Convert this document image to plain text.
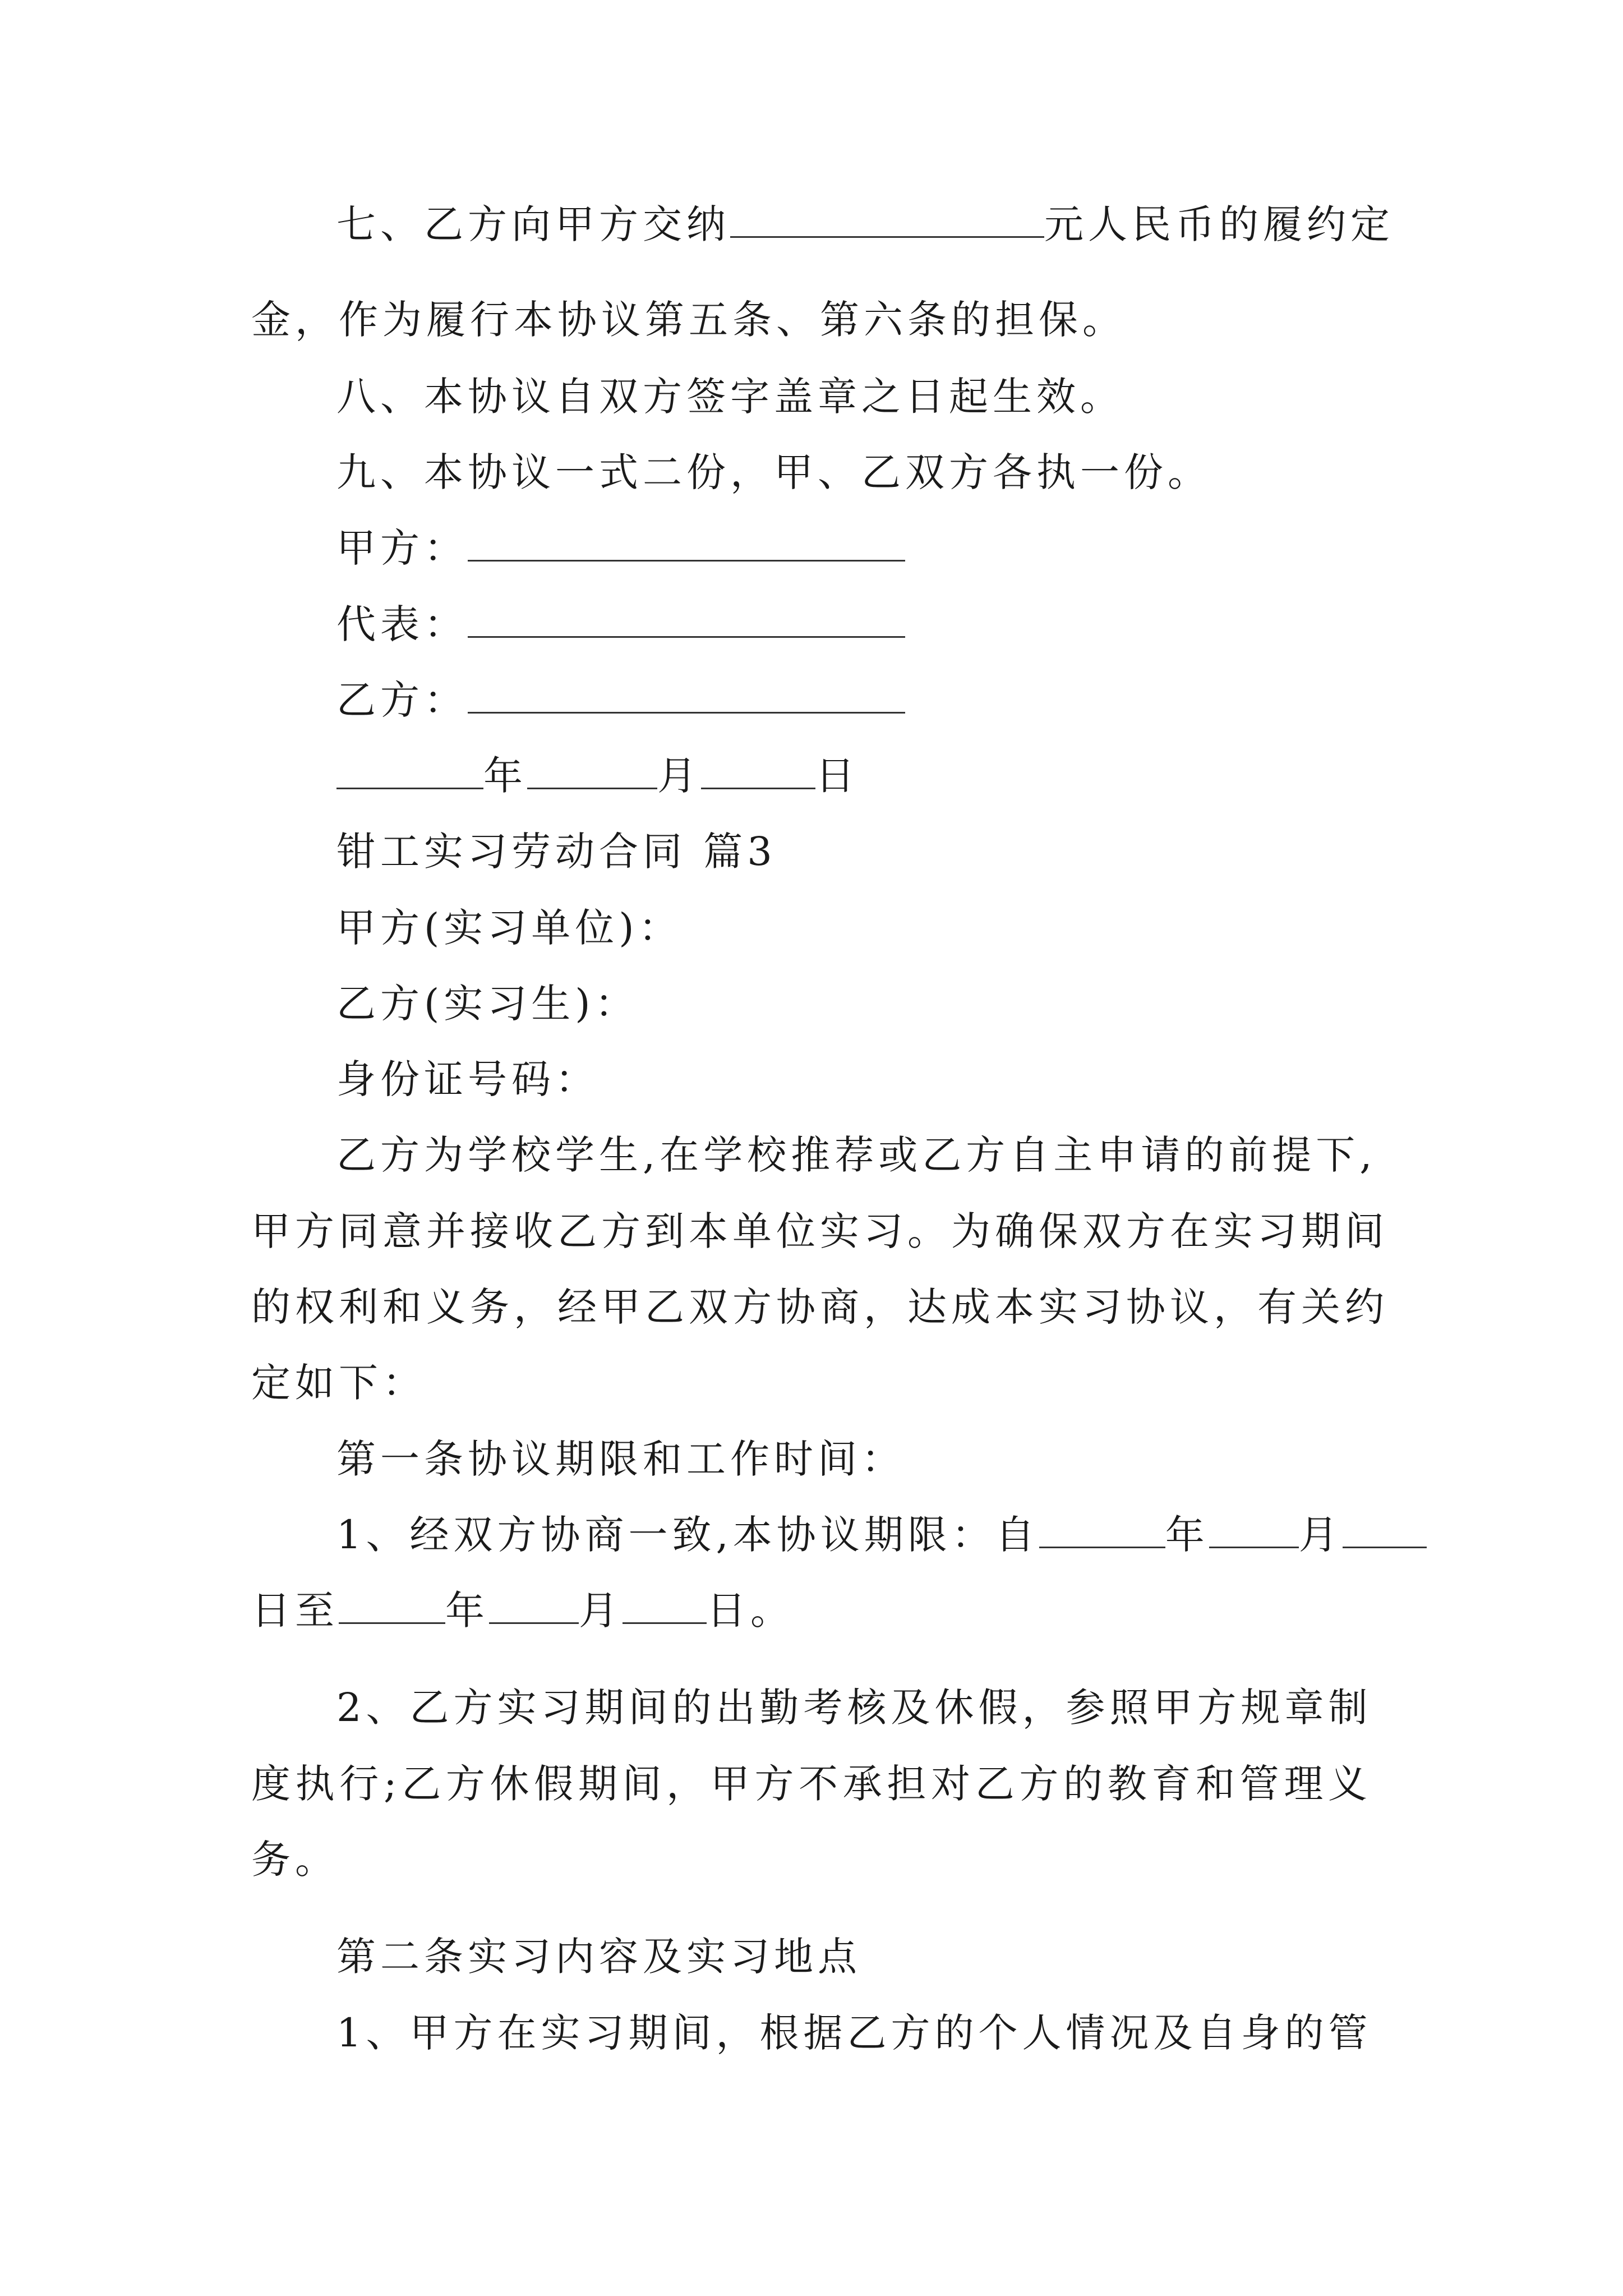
七、乙方向甲方交纳	元人民币的履约定
金，作为履行本协议第五条、第六条的担保。
八、本协议自双方签字盖章之日起生效。
九、本协议一式二份，甲、乙双方各执一份。
甲方：
代表：
乙方：
年	月	日
钳工实习劳动合同 篇3
甲方(实习单位)：
乙方(实习生)：
身份证号码：
乙方为学校学生,在学校推荐或乙方自主申请的前提下,
甲方同意并接收乙方到本单位实习。为确保双方在实习期间
的权利和义务，经甲乙双方协商，达成本实习协议，有关约
定如下：
第一条协议期限和工作时间：
1、经双方协商一致,本协议期限：自	年 月
日至	年 月 日。
2、乙方实习期间的出勤考核及休假，参照甲方规章制
度执行;乙方休假期间，甲方不承担对乙方的教育和管理义
务。
第二条实习内容及实习地点
1、甲方在实习期间，根据乙方的个人情况及自身的管
